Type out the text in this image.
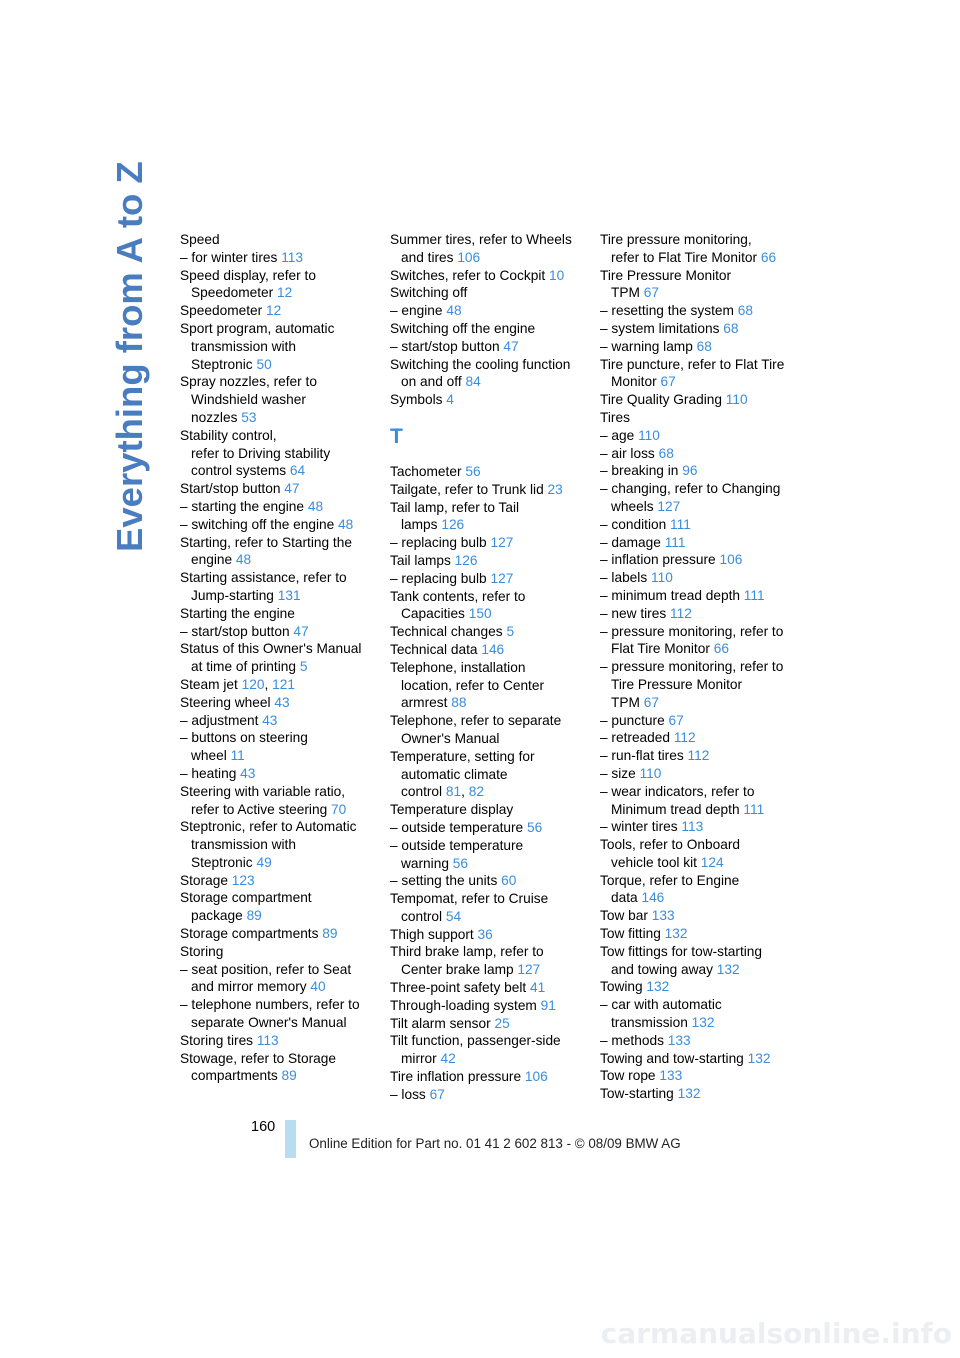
Everything from A to Z Speed
– for winter tires 113
Speed display, refer to
Speedometer 12
Speedometer 12
Sport program, automatic
transmission with
Steptronic 50
Spray nozzles, refer to
Windshield washer
nozzles 53
Stability control,
refer to Driving stability
control systems 64
Start/stop button 47
– starting the engine 48
– switching off the engine 48
Starting, refer to Starting the
engine 48
Starting assistance, refer to
Jump-starting 131
Starting the engine
– start/stop button 47
Status of this Owner's Manual
at time of printing 5
Steam jet 120, 121
Steering wheel 43
– adjustment 43
– buttons on steering
wheel 11
– heating 43
Steering with variable ratio,
refer to Active steering 70
Steptronic, refer to Automatic
transmission with
Steptronic 49
Storage 123
Storage compartment
package 89
Storage compartments 89
Storing
– seat position, refer to Seat
and mirror memory 40
– telephone numbers, refer to
separate Owner's Manual
Storing tires 113
Stowage, refer to Storage
compartments 89
Summer tires, refer to Wheels
and tires 106
Switches, refer to Cockpit 10
Switching off
– engine 48
Switching off the engine
– start/stop button 47
Switching the cooling function
on and off 84
Symbols 4
T
Tachometer 56
Tailgate, refer to Trunk lid 23
Tail lamp, refer to Tail
lamps 126
– replacing bulb 127
Tail lamps 126
– replacing bulb 127
Tank contents, refer to
Capacities 150
Technical changes 5
Technical data 146
Telephone, installation
location, refer to Center
armrest 88
Telephone, refer to separate
Owner's Manual
Temperature, setting for
automatic climate
control 81, 82
Temperature display
– outside temperature 56
– outside temperature
warning 56
– setting the units 60
Tempomat, refer to Cruise
control 54
Thigh support 36
Third brake lamp, refer to
Center brake lamp 127
Three-point safety belt 41
Through-loading system 91
Tilt alarm sensor 25
Tilt function, passenger-side
mirror 42
Tire inflation pressure 106
– loss 67
Tire pressure monitoring,
refer to Flat Tire Monitor 66
Tire Pressure Monitor
TPM 67
– resetting the system 68
– system limitations 68
– warning lamp 68
Tire puncture, refer to Flat Tire
Monitor 67
Tire Quality Grading 110
Tires
– age 110
– air loss 68
– breaking in 96
– changing, refer to Changing
wheels 127
– condition 111
– damage 111
– inflation pressure 106
– labels 110
– minimum tread depth 111
– new tires 112
– pressure monitoring, refer to
Flat Tire Monitor 66
– pressure monitoring, refer to
Tire Pressure Monitor
TPM 67
– puncture 67
– retreaded 112
– run-flat tires 112
– size 110
– wear indicators, refer to
Minimum tread depth 111
– winter tires 113
Tools, refer to Onboard
vehicle tool kit 124
Torque, refer to Engine
data 146
Tow bar 133
Tow fitting 132
Tow fittings for tow-starting
and towing away 132
Towing 132
– car with automatic
transmission 132
– methods 133
Towing and tow-starting 132
Tow rope 133
Tow-starting 132
160
Online Edition for Part no. 01 41 2 602 813 - © 08/09 BMW AG
carmanualsonline.info
